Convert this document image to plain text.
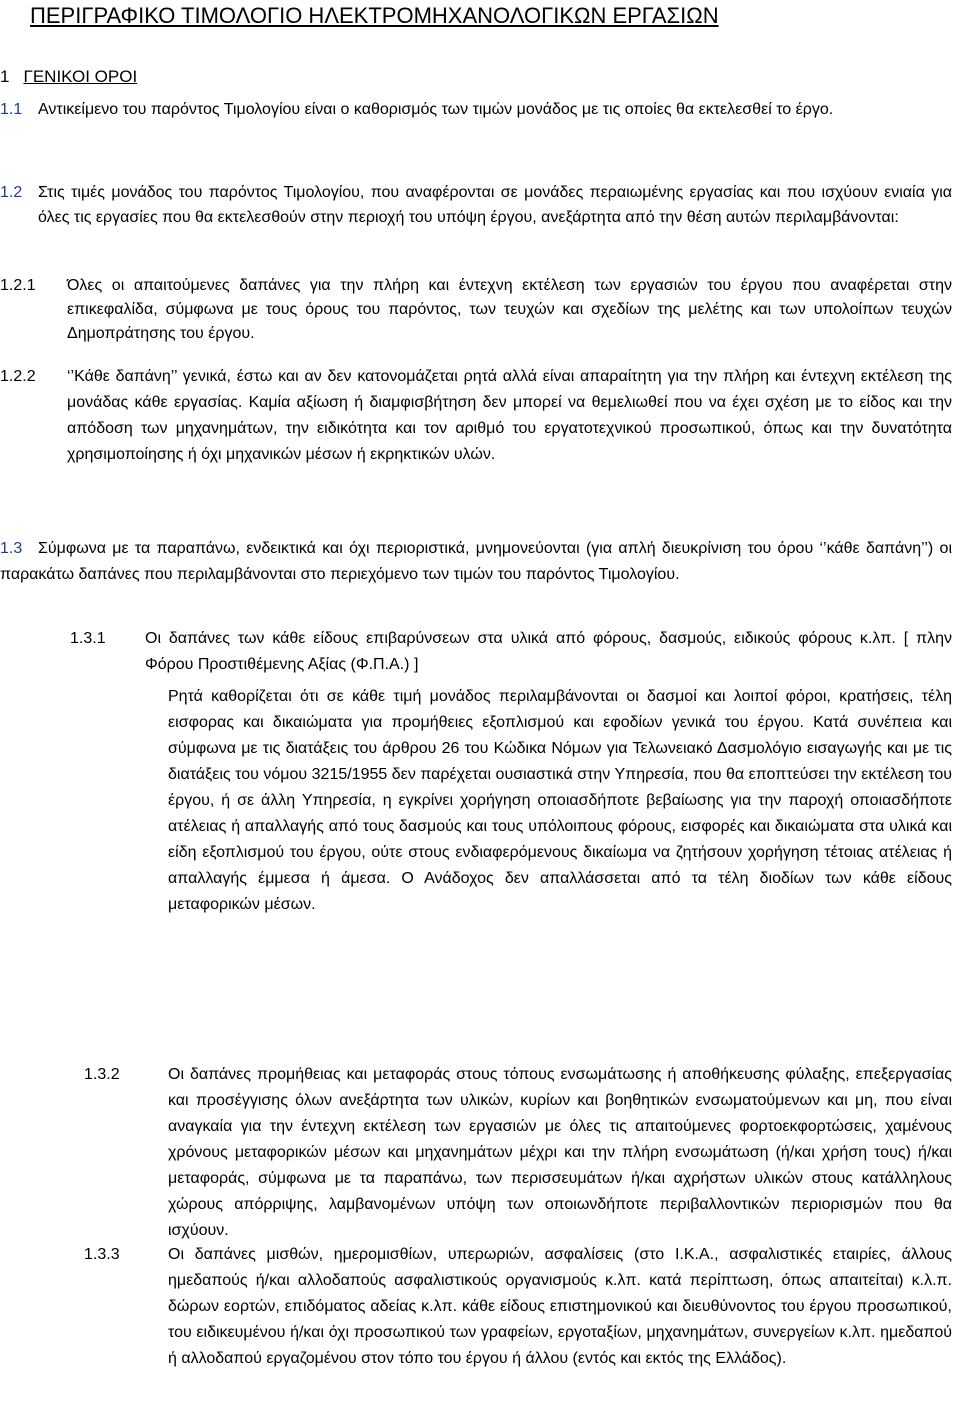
ΠΕΡΙΓΡΑΦΙΚΟ ΤΙΜΟΛΟΓΙΟ ΗΛΕΚΤΡΟΜΗΧΑΝΟΛΟΓΙΚΩΝ ΕΡΓΑΣΙΩΝ
1 ΓΕΝΙΚΟΙ ΟΡΟΙ
1.1 Αντικείμενο του παρόντος Τιμολογίου είναι ο καθορισμός των τιμών μονάδος με τις οποίες θα εκτελεσθεί το έργο.
1.2 Στις τιμές μονάδος του παρόντος Τιμολογίου, που αναφέρονται σε μονάδες περαιωμένης εργασίας και που ισχύουν ενιαία για όλες τις εργασίες που θα εκτελεσθούν στην περιοχή του υπόψη έργου, ανεξάρτητα από την θέση αυτών περιλαμβάνονται:
1.2.1 Όλες οι απαιτούμενες δαπάνες για την πλήρη και έντεχνη εκτέλεση των εργασιών του έργου που αναφέρεται στην επικεφαλίδα, σύμφωνα με τους όρους του παρόντος, των τευχών και σχεδίων της μελέτης και των υπολοίπων τευχών Δημοπράτησης του έργου.
1.2.2 ‘’Κάθε δαπάνη’’ γενικά, έστω και αν δεν κατονομάζεται ρητά αλλά είναι απαραίτητη για την πλήρη και έντεχνη εκτέλεση της μονάδας κάθε εργασίας. Καμία αξίωση ή διαμφισβήτηση δεν μπορεί να θεμελιωθεί που να έχει σχέση με το είδος και την απόδοση των μηχανημάτων, την ειδικότητα και τον αριθμό του εργατοτεχνικού προσωπικού, όπως και την δυνατότητα χρησιμοποίησης ή όχι μηχανικών μέσων ή εκρηκτικών υλών.
1.3 Σύμφωνα με τα παραπάνω, ενδεικτικά και όχι περιοριστικά, μνημονεύονται (για απλή διευκρίνιση του όρου ‘’κάθε δαπάνη’’) οι παρακάτω δαπάνες που περιλαμβάνονται στο περιεχόμενο των τιμών του παρόντος Τιμολογίου.
1.3.1 Οι δαπάνες των κάθε είδους επιβαρύνσεων στα υλικά από φόρους, δασμούς, ειδικούς φόρους κ.λπ. [ πλην Φόρου Προστιθέμενης Αξίας (Φ.Π.Α.) ]
Ρητά καθορίζεται ότι σε κάθε τιμή μονάδος περιλαμβάνονται οι δασμοί και λοιποί φόροι, κρατήσεις, τέλη εισφορας και δικαιώματα για προμήθειες εξοπλισμού και εφοδίων γενικά του έργου. Κατά συνέπεια και σύμφωνα με τις διατάξεις του άρθρου 26 του Κώδικα Νόμων για Τελωνειακό Δασμολόγιο εισαγωγής και με τις διατάξεις του νόμου 3215/1955 δεν παρέχεται ουσιαστικά στην Υπηρεσία, που θα εποπτεύσει την εκτέλεση του έργου, ή σε άλλη Υπηρεσία, η εγκρίνει χορήγηση οποιασδήποτε βεβαίωσης για την παροχή οποιασδήποτε ατέλειας ή απαλλαγής από τους δασμούς και τους υπόλοιπους φόρους, εισφορές και δικαιώματα στα υλικά και είδη εξοπλισμού του έργου, ούτε στους ενδιαφερόμενους δικαίωμα να ζητήσουν χορήγηση τέτοιας ατέλειας ή απαλλαγής έμμεσα ή άμεσα. Ο Ανάδοχος δεν απαλλάσσεται από τα τέλη διοδίων των κάθε είδους μεταφορικών μέσων.
1.3.2	Οι δαπάνες προμήθειας και μεταφοράς στους τόπους ενσωμάτωσης ή αποθήκευσης φύλαξης, επεξεργασίας και προσέγγισης όλων ανεξάρτητα των υλικών, κυρίων και βοηθητικών ενσωματούμενων και μη, που είναι αναγκαία για την έντεχνη εκτέλεση των εργασιών με όλες τις απαιτούμενες φορτοεκφορτώσεις, χαμένους χρόνους μεταφορικών μέσων και μηχανημάτων μέχρι και την πλήρη ενσωμάτωση (ή/και χρήση τους) ή/και μεταφοράς, σύμφωνα με τα παραπάνω, των περισσευμάτων ή/και αχρήστων υλικών στους κατάλληλους χώρους απόρριψης, λαμβανομένων υπόψη των οποιωνδήποτε περιβαλλοντικών περιορισμών που θα ισχύουν.
1.3.3	Οι δαπάνες μισθών, ημερομισθίων, υπερωριών, ασφαλίσεις (στο Ι.Κ.Α., ασφαλιστικές εταιρίες, άλλους ημεδαπούς ή/και αλλοδαπούς ασφαλιστικούς οργανισμούς κ.λπ. κατά περίπτωση, όπως απαιτείται) κ.λ.π. δώρων εορτών, επιδόματος αδείας κ.λπ. κάθε είδους επιστημονικού και διευθύνοντος του έργου προσωπικού, του ειδικευμένου ή/και όχι προσωπικού των γραφείων, εργοταξίων, μηχανημάτων, συνεργείων κ.λπ. ημεδαπού ή αλλοδαπού εργαζομένου στον τόπο του έργου ή άλλου (εντός και εκτός της Ελλάδος).
